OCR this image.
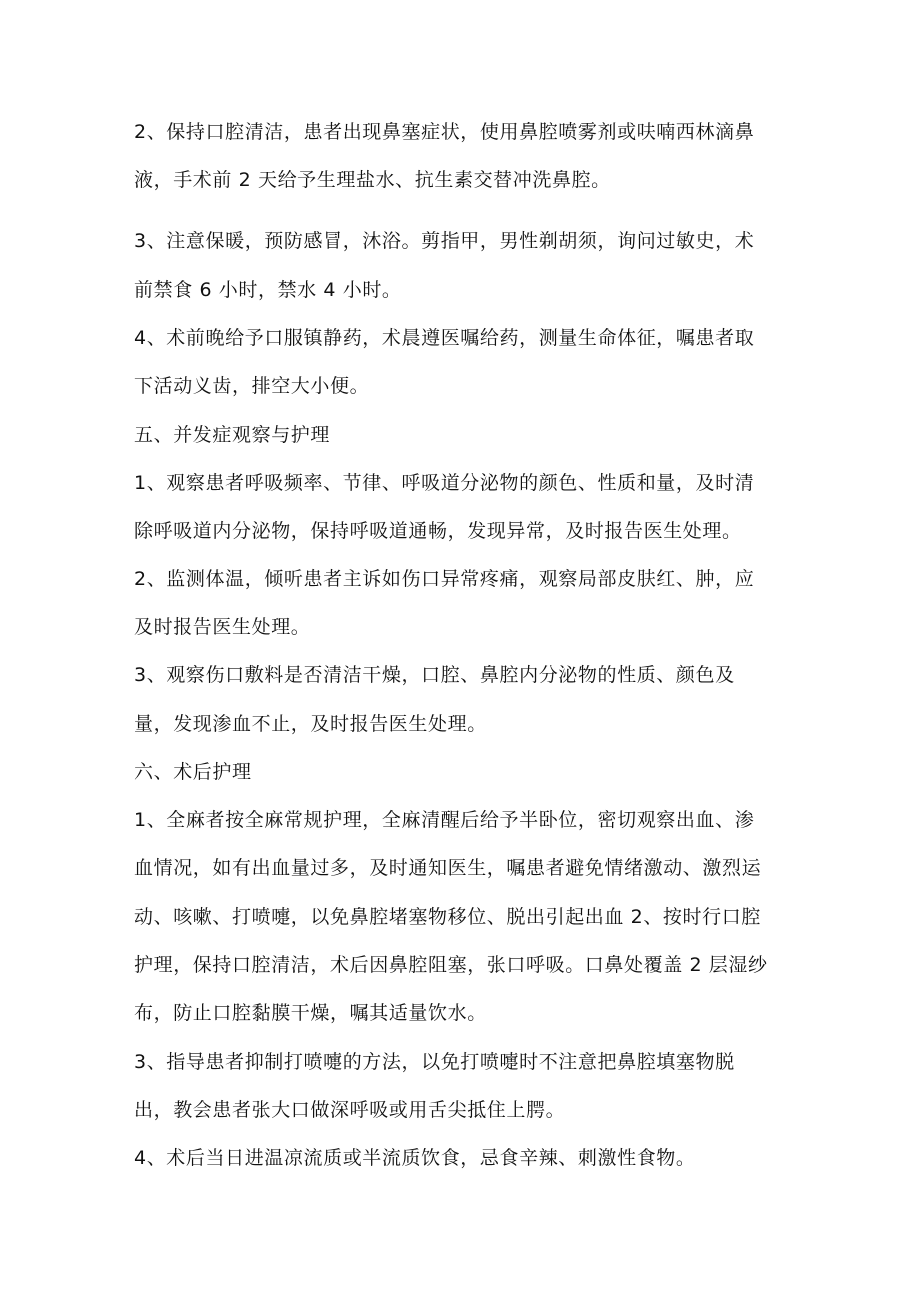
2、保持口腔清洁，患者出现鼻塞症状，使用鼻腔喷雾剂或呋喃西林滴鼻
液，手术前 2 天给予生理盐水、抗生素交替冲洗鼻腔。
3、注意保暖，预防感冒，沐浴。剪指甲，男性剃胡须，询问过敏史，术
前禁食 6 小时，禁水 4 小时。
4、术前晚给予口服镇静药，术晨遵医嘱给药，测量生命体征，嘱患者取
下活动义齿，排空大小便。
五、并发症观察与护理
1、观察患者呼吸频率、节律、呼吸道分泌物的颜色、性质和量，及时清
除呼吸道内分泌物，保持呼吸道通畅，发现异常，及时报告医生处理。
2、监测体温，倾听患者主诉如伤口异常疼痛，观察局部皮肤红、肿，应
及时报告医生处理。
3、观察伤口敷料是否清洁干燥，口腔、鼻腔内分泌物的性质、颜色及
量，发现渗血不止，及时报告医生处理。
六、术后护理
1、全麻者按全麻常规护理，全麻清醒后给予半卧位，密切观察出血、渗
血情况，如有出血量过多，及时通知医生，嘱患者避免情绪激动、激烈运
动、咳嗽、打喷嚏，以免鼻腔堵塞物移位、脱出引起出血 2、按时行口腔
护理，保持口腔清洁，术后因鼻腔阻塞，张口呼吸。口鼻处覆盖 2 层湿纱
布，防止口腔黏膜干燥，嘱其适量饮水。
3、指导患者抑制打喷嚏的方法，以免打喷嚏时不注意把鼻腔填塞物脱
出，教会患者张大口做深呼吸或用舌尖抵住上腭。
4、术后当日进温凉流质或半流质饮食，忌食辛辣、刺激性食物。
